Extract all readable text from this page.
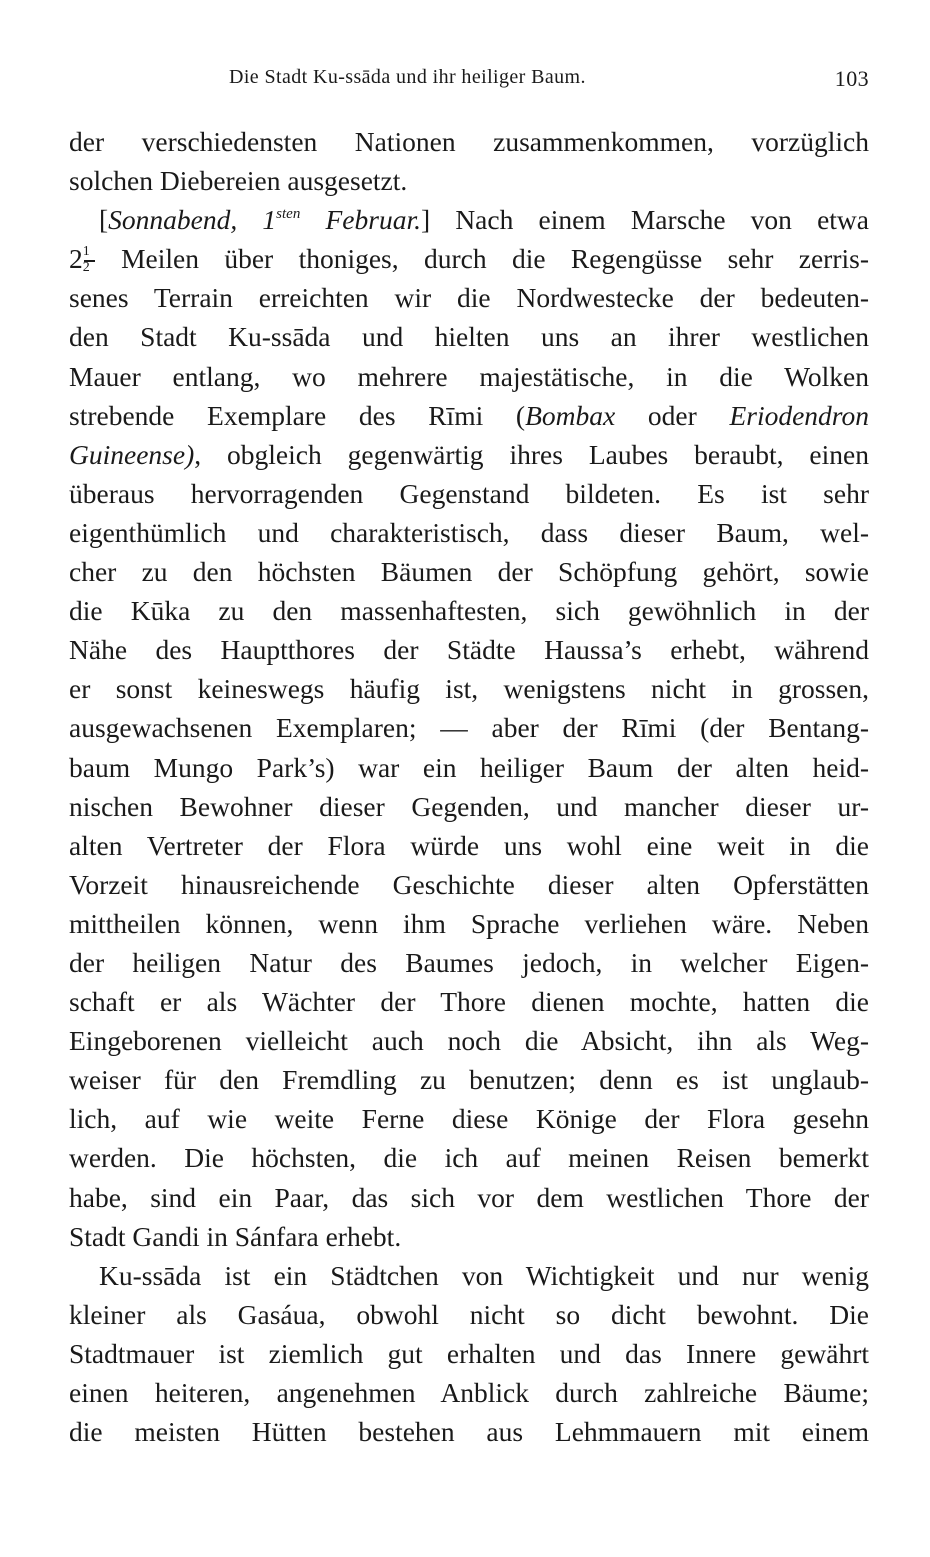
Die Stadt Ku-ssāda und ihr heiliger Baum.	103
der verschiedensten Nationen zusammenkommen, vorzüglich
solchen Diebereien ausgesetzt.
[Sonnabend, $1^{sten}$ Februar.] Nach einem Marsche von etwa
$2 \frac{1}{2}$ Meilen über thoniges, durch die Regengüsse sehr zerris-
senes Terrain erreichten wir die Nordwestecke der bedeuten-
den Stadt Ku-ssāda und hielten uns an ihrer westlichen
Mauer entlang, wo mehrere majestätische, in die Wolken
strebende Exemplare des Rīmi (Bombax oder Eriodendron
Guineense), obgleich gegenwärtig ihres Laubes beraubt, einen
überaus hervorragenden Gegenstand bildeten. Es ist sehr
eigenthümlich und charakteristisch, dass dieser Baum, wel-
cher zu den höchsten Bäumen der Schöpfung gehört, sowie
die Kūka zu den massenhaftesten, sich gewöhnlich in der
Nähe des Hauptthores der Städte Haussa’s erhebt, während
er sonst keineswegs häufig ist, wenigstens nicht in grossen,
ausgewachsenen Exemplaren; — aber der Rīmi (der Bentang-
baum Mungo Park’s) war ein heiliger Baum der alten heid-
nischen Bewohner dieser Gegenden, und mancher dieser ur-
alten Vertreter der Flora würde uns wohl eine weit in die
Vorzeit hinausreichende Geschichte dieser alten Opferstätten
mittheilen können, wenn ihm Sprache verliehen wäre. Neben
der heiligen Natur des Baumes jedoch, in welcher Eigen-
schaft er als Wächter der Thore dienen mochte, hatten die
Eingeborenen vielleicht auch noch die Absicht, ihn als Weg-
weiser für den Fremdling zu benutzen; denn es ist unglaub-
lich, auf wie weite Ferne diese Könige der Flora gesehn
werden. Die höchsten, die ich auf meinen Reisen bemerkt
habe, sind ein Paar, das sich vor dem westlichen Thore der
Stadt Gandi in Sánfara erhebt.
Ku-ssāda ist ein Städtchen von Wichtigkeit und nur wenig
kleiner als Gasáua, obwohl nicht so dicht bewohnt. Die
Stadtmauer ist ziemlich gut erhalten und das Innere gewährt
einen heiteren, angenehmen Anblick durch zahlreiche Bäume;
die meisten Hütten bestehen aus Lehmmauern mit einem
